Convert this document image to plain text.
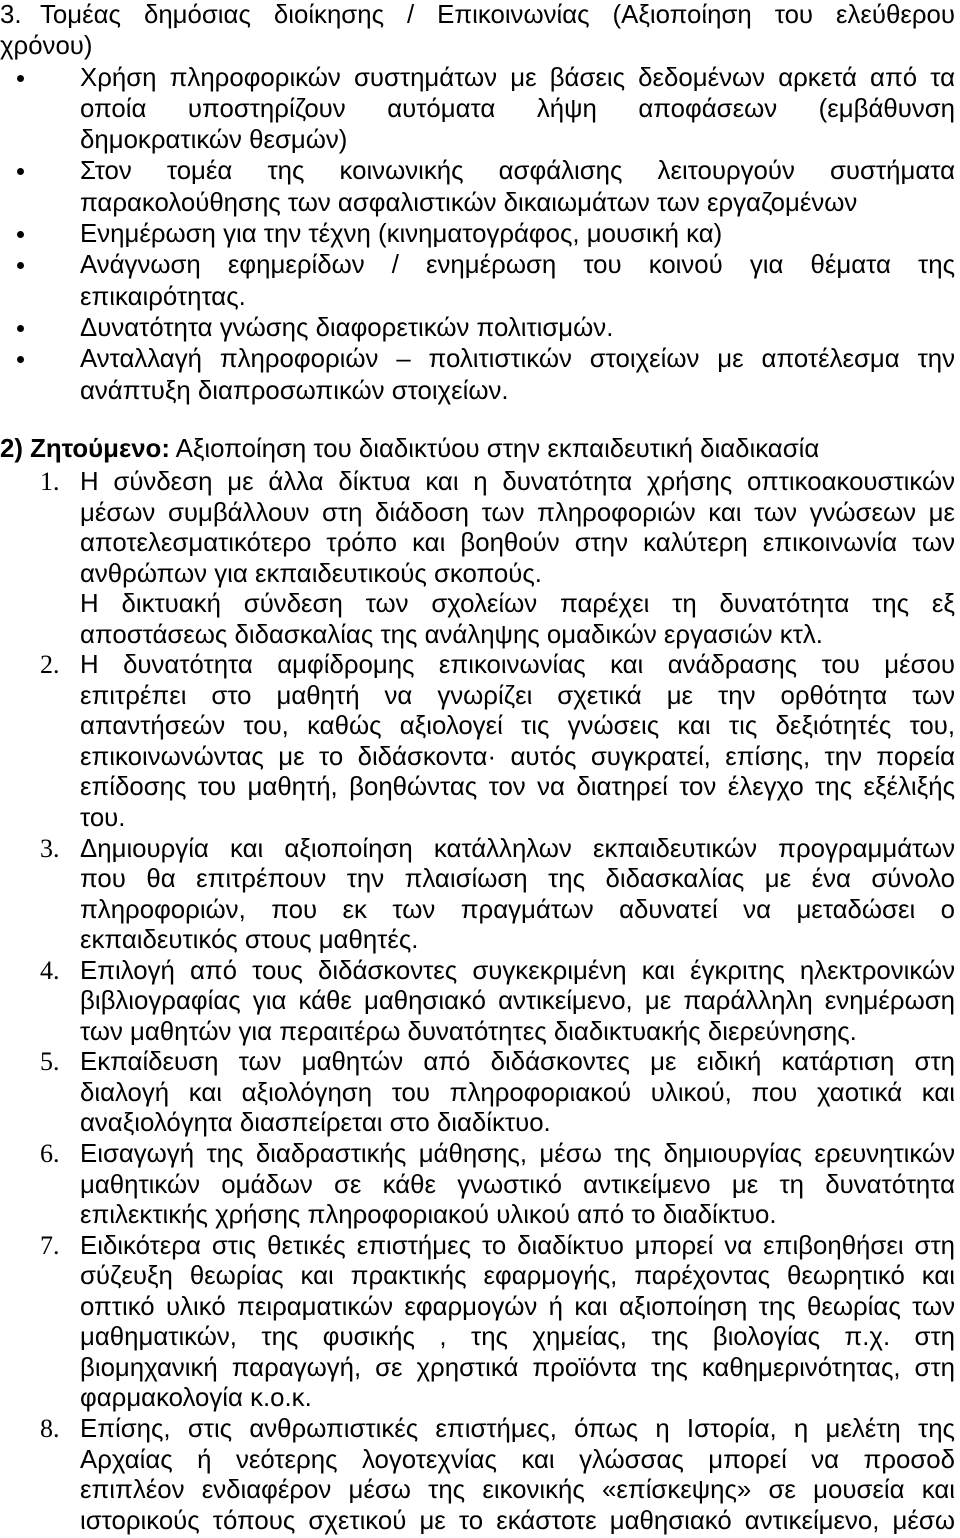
3. Τομέας δημόσιας διοίκησης / Επικοινωνίας (Αξιοποίηση του ελεύθερου
χρόνου)
Χρήση πληροφορικών συστημάτων με βάσεις δεδομένων αρκετά από τα
οποία υποστηρίζουν αυτόματα λήψη αποφάσεων (εμβάθυνση
δημοκρατικών θεσμών)
Στον τομέα της κοινωνικής ασφάλισης λειτουργούν συστήματα
παρακολούθησης των ασφαλιστικών δικαιωμάτων των εργαζομένων
Ενημέρωση για την τέχνη (κινηματογράφος, μουσική κα)
Ανάγνωση εφημερίδων / ενημέρωση του κοινού για θέματα της
επικαιρότητας.
Δυνατότητα γνώσης διαφορετικών πολιτισμών.
Ανταλλαγή πληροφοριών – πολιτιστικών στοιχείων με αποτέλεσμα την
ανάπτυξη διαπροσωπικών στοιχείων.
2) Ζητούμενο: Αξιοποίηση του διαδικτύου στην εκπαιδευτική διαδικασία
1. Η σύνδεση με άλλα δίκτυα και η δυνατότητα χρήσης οπτικοακουστικών
μέσων συμβάλλουν στη διάδοση των πληροφοριών και των γνώσεων με
αποτελεσματικότερο τρόπο και βοηθούν στην καλύτερη επικοινωνία των
ανθρώπων για εκπαιδευτικούς σκοπούς.
Η δικτυακή σύνδεση των σχολείων παρέχει τη δυνατότητα της εξ
αποστάσεως διδασκαλίας της ανάληψης ομαδικών εργασιών κτλ.
2. Η δυνατότητα αμφίδρομης επικοινωνίας και ανάδρασης του μέσου
επιτρέπει στο μαθητή να γνωρίζει σχετικά με την ορθότητα των
απαντήσεών του, καθώς αξιολογεί τις γνώσεις και τις δεξιότητές του,
επικοινωνώντας με το διδάσκοντα· αυτός συγκρατεί, επίσης, την πορεία
επίδοσης του μαθητή, βοηθώντας τον να διατηρεί τον έλεγχο της εξέλιξής
του.
3. Δημιουργία και αξιοποίηση κατάλληλων εκπαιδευτικών προγραμμάτων
που θα επιτρέπουν την πλαισίωση της διδασκαλίας με ένα σύνολο
πληροφοριών, που εκ των πραγμάτων αδυνατεί να μεταδώσει ο
εκπαιδευτικός στους μαθητές.
4. Επιλογή από τους διδάσκοντες συγκεκριμένη και έγκριτης ηλεκτρονικών
βιβλιογραφίας για κάθε μαθησιακό αντικείμενο, με παράλληλη ενημέρωση
των μαθητών για περαιτέρω δυνατότητες διαδικτυακής διερεύνησης.
5. Εκπαίδευση των μαθητών από διδάσκοντες με ειδική κατάρτιση στη
διαλογή και αξιολόγηση του πληροφοριακού υλικού, που χαοτικά και
αναξιολόγητα διασπείρεται στο διαδίκτυο.
6. Εισαγωγή της διαδραστικής μάθησης, μέσω της δημιουργίας ερευνητικών
μαθητικών ομάδων σε κάθε γνωστικό αντικείμενο με τη δυνατότητα
επιλεκτικής χρήσης πληροφοριακού υλικού από το διαδίκτυο.
7. Ειδικότερα στις θετικές επιστήμες το διαδίκτυο μπορεί να επιβοηθήσει στη
σύζευξη θεωρίας και πρακτικής εφαρμογής, παρέχοντας θεωρητικό και
οπτικό υλικό πειραματικών εφαρμογών ή και αξιοποίηση της θεωρίας των
μαθηματικών, της φυσικής , της χημείας, της βιολογίας π.χ. στη
βιομηχανική παραγωγή, σε χρηστικά προϊόντα της καθημερινότητας, στη
φαρμακολογία κ.ο.κ.
8. Επίσης, στις ανθρωπιστικές επιστήμες, όπως η Ιστορία, η μελέτη της
Αρχαίας ή νεότερης λογοτεχνίας και γλώσσας μπορεί να προσοδ
επιπλέον ενδιαφέρον μέσω της εικονικής «επίσκεψης» σε μουσεία και
ιστορικούς τόπους σχετικού με το εκάστοτε μαθησιακό αντικείμενο, μέσω
